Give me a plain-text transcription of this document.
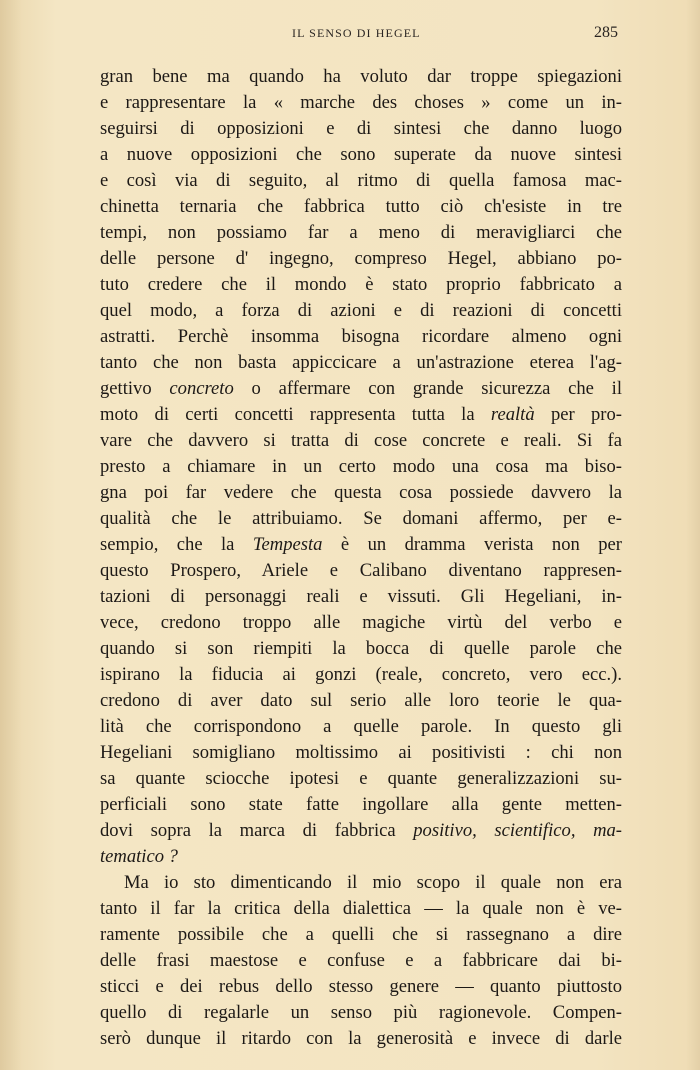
IL SENSO DI HEGEL	285
gran bene ma quando ha voluto dar troppe spiegazioni
e rappresentare la « marche des choses » come un in-
seguirsi di opposizioni e di sintesi che danno luogo
a nuove opposizioni che sono superate da nuove sintesi
e così via di seguito, al ritmo di quella famosa mac-
chinetta ternaria che fabbrica tutto ciò ch'esiste in tre
tempi, non possiamo far a meno di meravigliarci che
delle persone d' ingegno, compreso Hegel, abbiano po-
tuto credere che il mondo è stato proprio fabbricato a
quel modo, a forza di azioni e di reazioni di concetti
astratti. Perchè insomma bisogna ricordare almeno ogni
tanto che non basta appiccicare a un'astrazione eterea l'ag-
gettivo concreto o affermare con grande sicurezza che il
moto di certi concetti rappresenta tutta la realtà per pro-
vare che davvero si tratta di cose concrete e reali. Si fa
presto a chiamare in un certo modo una cosa ma biso-
gna poi far vedere che questa cosa possiede davvero la
qualità che le attribuiamo. Se domani affermo, per e-
sempio, che la Tempesta è un dramma verista non per
questo Prospero, Ariele e Calibano diventano rappresen-
tazioni di personaggi reali e vissuti. Gli Hegeliani, in-
vece, credono troppo alle magiche virtù del verbo e
quando si son riempiti la bocca di quelle parole che
ispirano la fiducia ai gonzi (reale, concreto, vero ecc.).
credono di aver dato sul serio alle loro teorie le qua-
lità che corrispondono a quelle parole. In questo gli
Hegeliani somigliano moltissimo ai positivisti : chi non
sa quante sciocche ipotesi e quante generalizzazioni su-
perficiali sono state fatte ingollare alla gente metten-
dovi sopra la marca di fabbrica positivo, scientifico, ma-
tematico ?
Ma io sto dimenticando il mio scopo il quale non era
tanto il far la critica della dialettica — la quale non è ve-
ramente possibile che a quelli che si rassegnano a dire
delle frasi maestose e confuse e a fabbricare dai bi-
sticci e dei rebus dello stesso genere — quanto piuttosto
quello di regalarle un senso più ragionevole. Compen-
serò dunque il ritardo con la generosità e invece di darle
